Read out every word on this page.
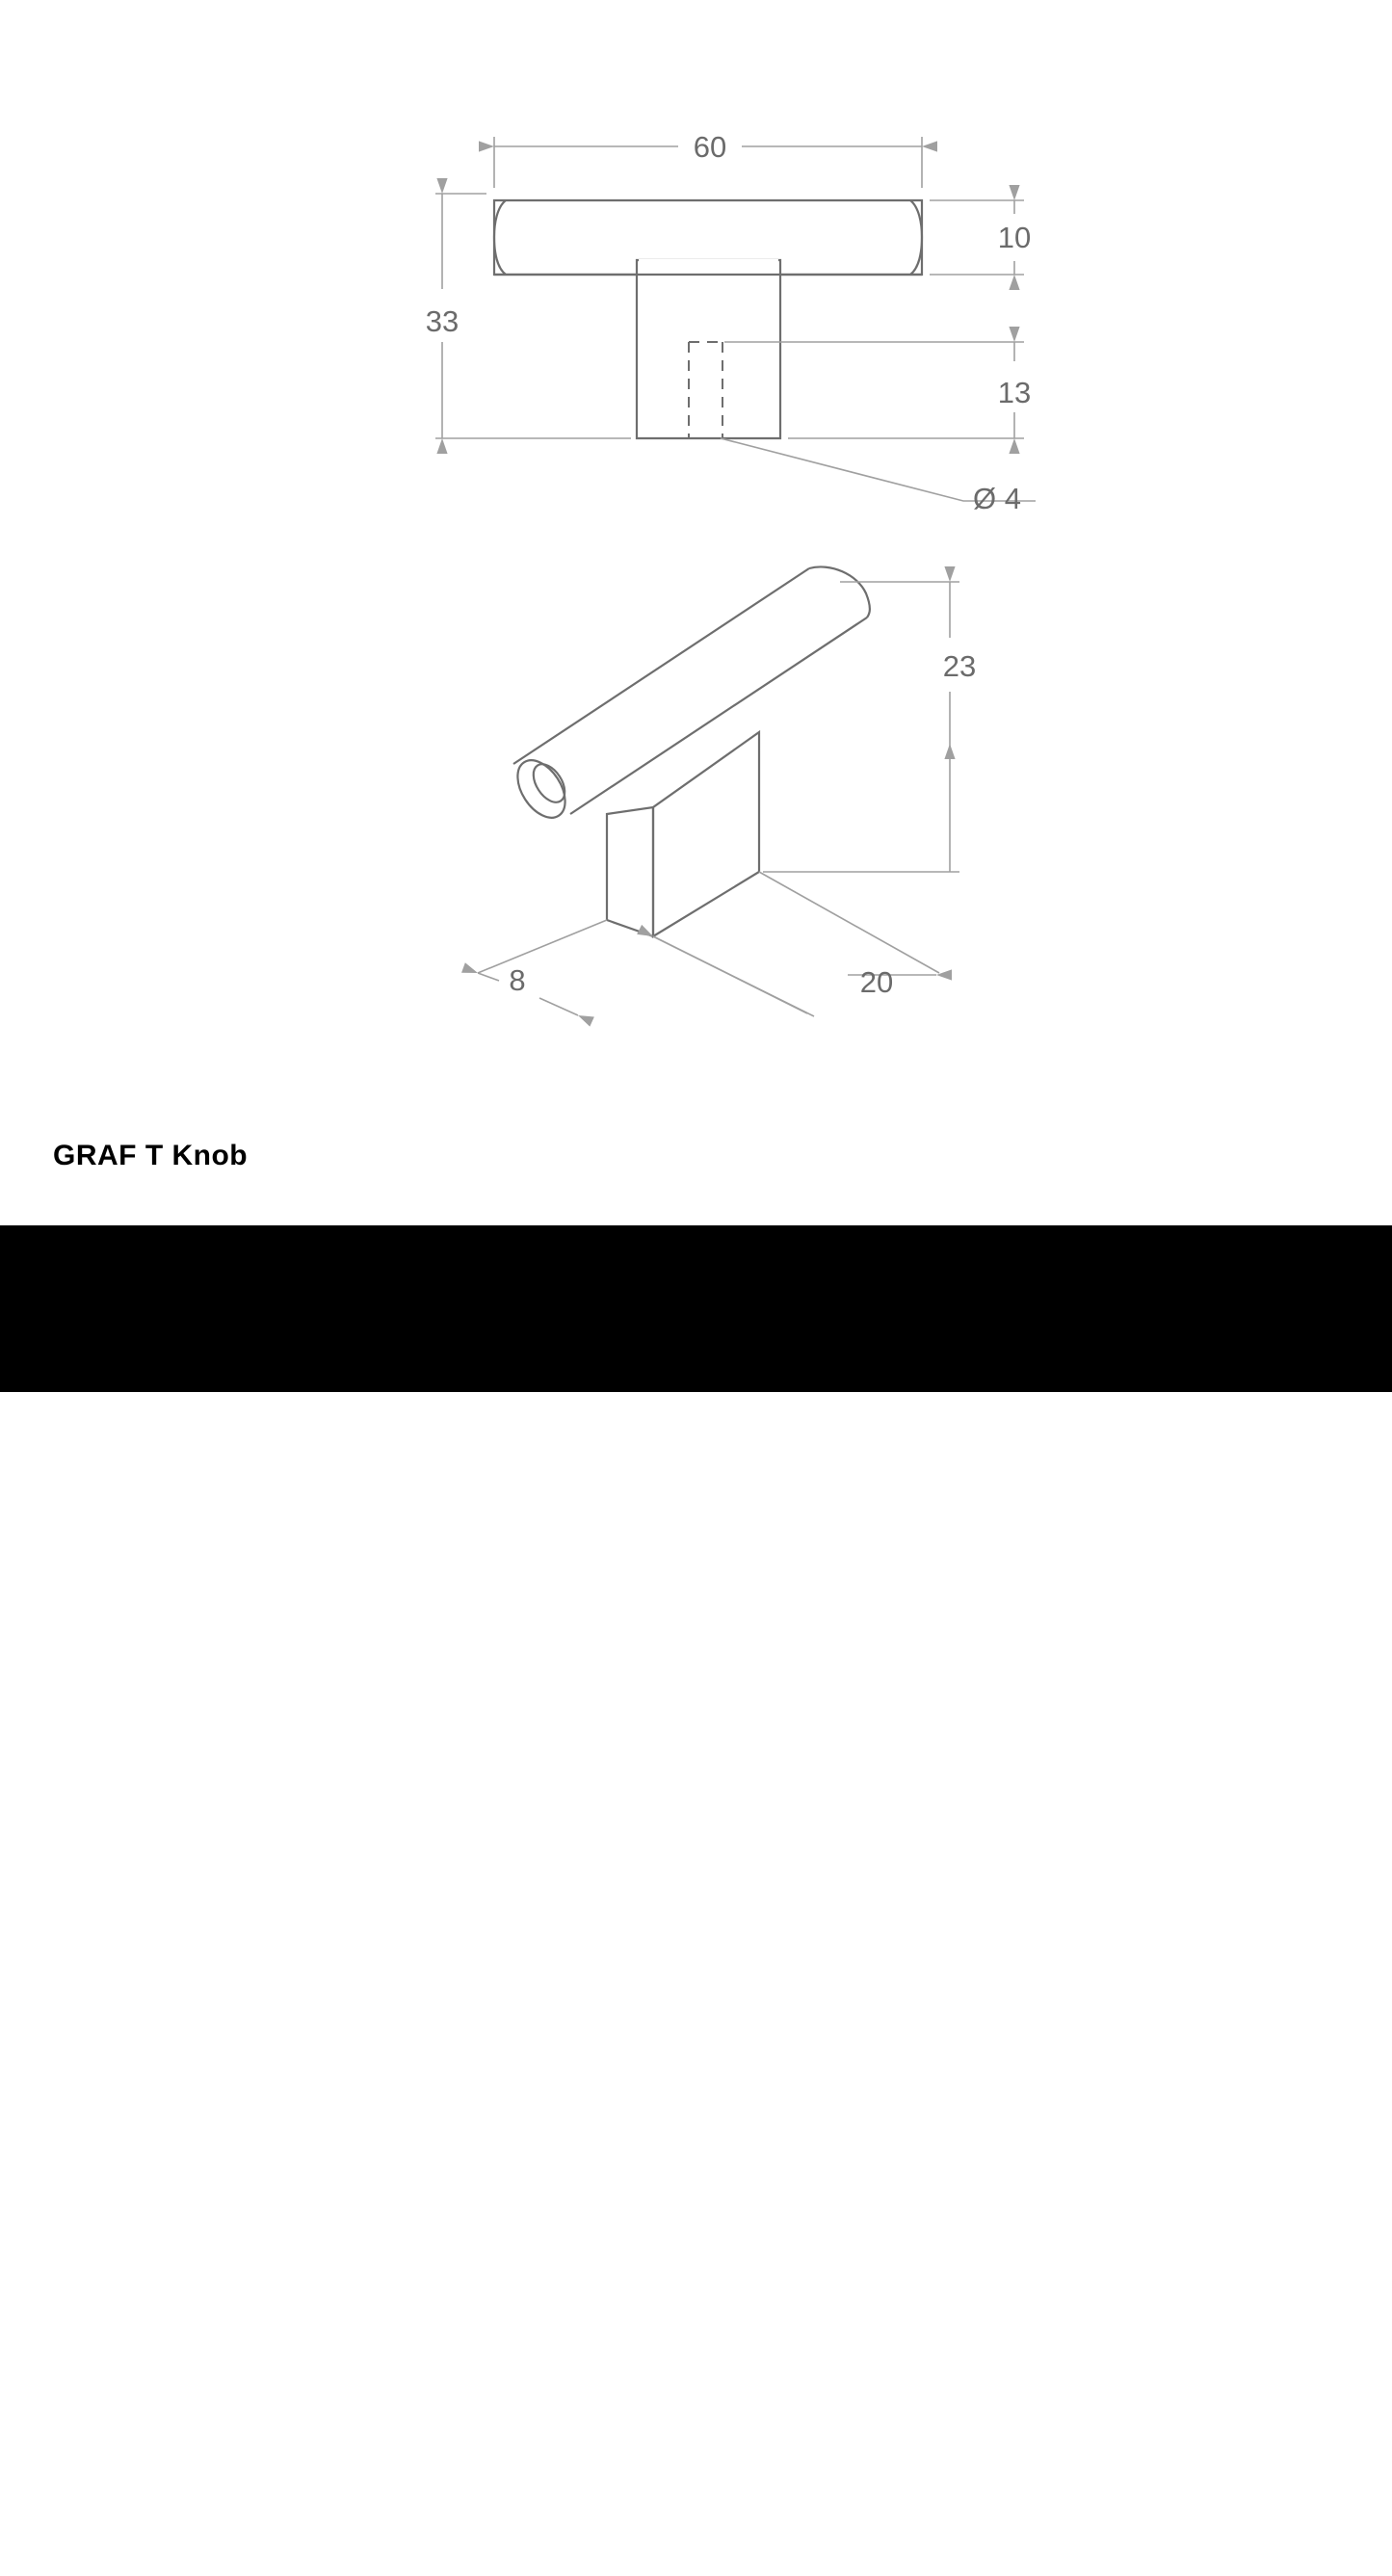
60
10
33
13
Ø 4
23
20
8
GRAF T Knob
BUILDMAT	MOMO
HANDLES
